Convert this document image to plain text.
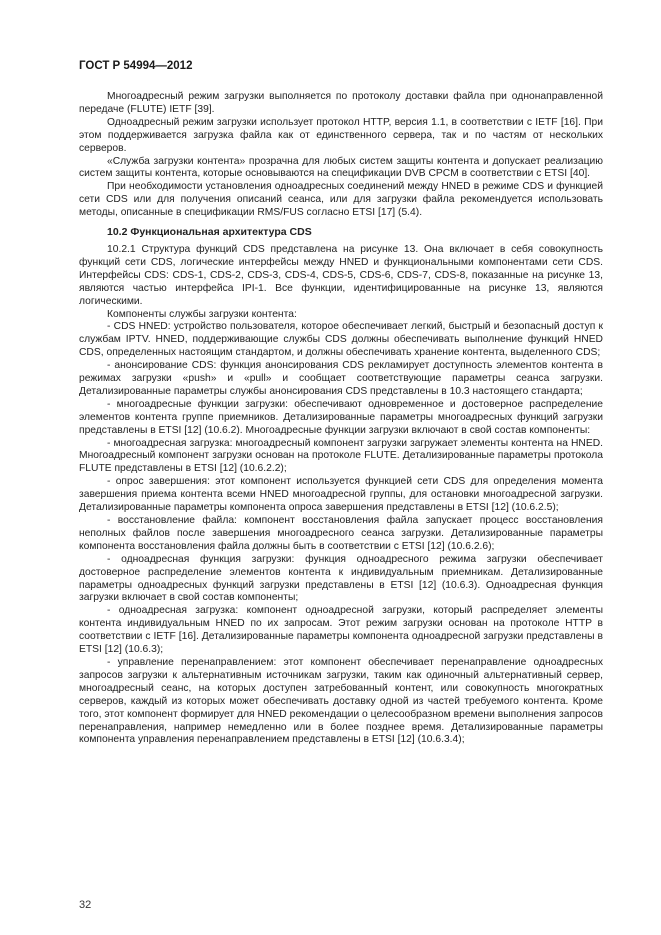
ГОСТ Р 54994—2012

Многоадресный режим загрузки выполняется по протоколу доставки файла при однонаправленной передаче (FLUTE) IETF [39].

Одноадресный режим загрузки использует протокол HTTP, версия 1.1, в соответствии с IETF [16]. При этом поддерживается загрузка файла как от единственного сервера, так и по частям от нескольких серверов.

«Служба загрузки контента» прозрачна для любых систем защиты контента и допускает реализацию систем защиты контента, которые основываются на спецификации DVB CPCM в соответствии с ETSI [40].

При необходимости установления одноадресных соединений между HNED в режиме CDS и функцией сети CDS или для получения описаний сеанса, или для загрузки файла рекомендуется использовать методы, описанные в спецификации RMS/FUS согласно ETSI [17] (5.4).

10.2 Функциональная архитектура CDS

10.2.1 Структура функций CDS представлена на рисунке 13. Она включает в себя совокупность функций сети CDS, логические интерфейсы между HNED и функциональными компонентами сети CDS. Интерфейсы CDS: CDS-1, CDS-2, CDS-3, CDS-4, CDS-5, CDS-6, CDS-7, CDS-8, показанные на рисунке 13, являются частью интерфейса IPI-1. Все функции, идентифицированные на рисунке 13, являются логическими.

Компоненты службы загрузки контента:

- CDS HNED: устройство пользователя, которое обеспечивает легкий, быстрый и безопасный доступ к службам IPTV. HNED, поддерживающие службы CDS должны обеспечивать выполнение функций HNED CDS, определенных настоящим стандартом, и должны обеспечивать хранение контента, выделенного CDS;

- анонсирование CDS: функция анонсирования CDS рекламирует доступность элементов контента в режимах загрузки «push» и «pull» и сообщает соответствующие параметры сеанса загрузки. Детализированные параметры службы анонсирования CDS представлены в 10.3 настоящего стандарта;

- многоадресные функции загрузки: обеспечивают одновременное и достоверное распределение элементов контента группе приемников. Детализированные параметры многоадресных функций загрузки представлены в ETSI [12] (10.6.2). Многоадресные функции загрузки включают в свой состав компоненты:

- многоадресная загрузка: многоадресный компонент загрузки загружает элементы контента на HNED. Многоадресный компонент загрузки основан на протоколе FLUTE. Детализированные параметры протокола FLUTE представлены в ETSI [12] (10.6.2.2);

- опрос завершения: этот компонент используется функцией сети CDS для определения момента завершения приема контента всеми HNED многоадресной группы, для остановки многоадресной загрузки. Детализированные параметры компонента опроса завершения представлены в ETSI [12] (10.6.2.5);

- восстановление файла: компонент восстановления файла запускает процесс восстановления неполных файлов после завершения многоадресного сеанса загрузки. Детализированные параметры компонента восстановления файла должны быть в соответствии с ETSI [12] (10.6.2.6);

- одноадресная функция загрузки: функция одноадресного режима загрузки обеспечивает достоверное распределение элементов контента к индивидуальным приемникам. Детализированные параметры одноадресных функций загрузки представлены в ETSI [12] (10.6.3). Одноадресная функция загрузки включает в свой состав компоненты;

- одноадресная загрузка: компонент одноадресной загрузки, который распределяет элементы контента индивидуальным HNED по их запросам. Этот режим загрузки основан на протоколе HTTP в соответствии с IETF [16]. Детализированные параметры компонента одноадресной загрузки представлены в ETSI [12] (10.6.3);

- управление перенаправлением: этот компонент обеспечивает перенаправление одноадресных запросов загрузки к альтернативным источникам загрузки, таким как одиночный альтернативный сервер, многоадресный сеанс, на которых доступен затребованный контент, или совокупность многократных серверов, каждый из которых может обеспечивать доставку одной из частей требуемого контента. Кроме того, этот компонент формирует для HNED рекомендации о целесообразном времени выполнения запросов перенаправления, например немедленно или в более позднее время. Детализированные параметры компонента управления перенаправлением представлены в ETSI [12] (10.6.3.4);

32
